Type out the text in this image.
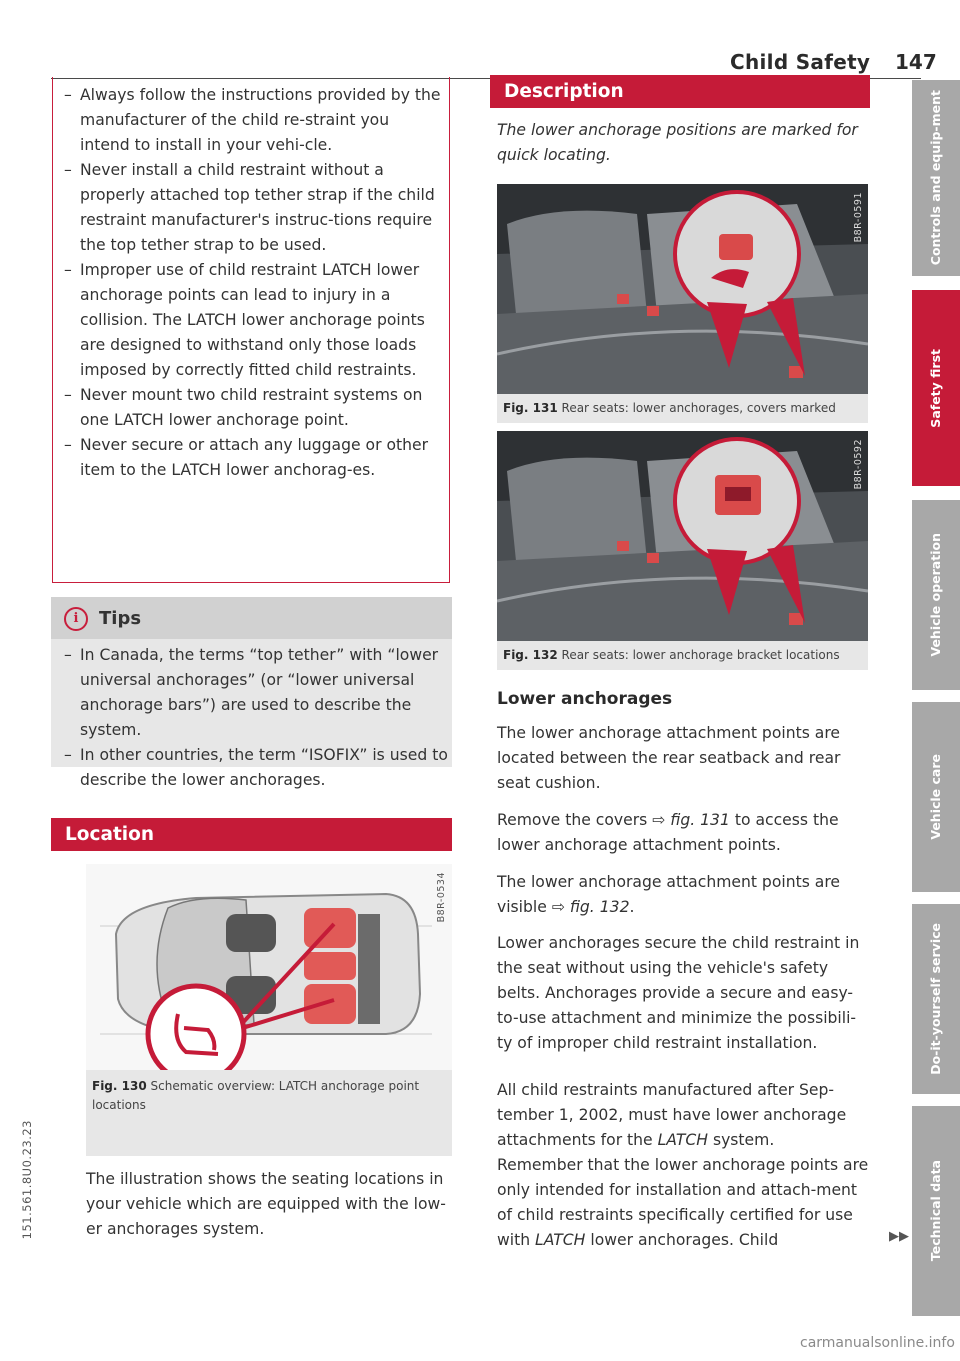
Child Safety 147
– Always follow the instructions provided by the manufacturer of the child re-straint you intend to install in your vehi-cle.
– Never install a child restraint without a properly attached top tether strap if the child restraint manufacturer's instruc-tions require the top tether strap to be used.
– Improper use of child restraint LATCH lower anchorage points can lead to injury in a collision. The LATCH lower anchorage points are designed to withstand only those loads imposed by correctly fitted child restraints.
– Never mount two child restraint systems on one LATCH lower anchorage point.
– Never secure or attach any luggage or other item to the LATCH lower anchorag-es.
i	Tips
– In Canada, the terms “top tether” with “lower universal anchorages” (or “lower universal anchorage bars”) are used to describe the system.
– In other countries, the term “ISOFIX” is used to describe the lower anchorages.
Location
B8R-0534
Fig. 130 Schematic overview: LATCH anchorage point locations
The illustration shows the seating locations in your vehicle which are equipped with the low-er anchorages system.
Description
The lower anchorage positions are marked for quick locating.
B8R-0591
Fig. 131 Rear seats: lower anchorages, covers marked
B8R-0592
Fig. 132 Rear seats: lower anchorage bracket locations
Lower anchorages
The lower anchorage attachment points are located between the rear seatback and rear seat cushion.
Remove the covers ⇨ fig. 131 to access the lower anchorage attachment points.
The lower anchorage attachment points are visible ⇨ fig. 132.
Lower anchorages secure the child restraint in the seat without using the vehicle's safety belts. Anchorages provide a secure and easy-to-use attachment and minimize the possibili-ty of improper child restraint installation.
All child restraints manufactured after Sep-tember 1, 2002, must have lower anchorage attachments for the LATCH system.
Remember that the lower anchorage points are only intended for installation and attach-ment of child restraints specifically certified for use with LATCH lower anchorages. Child	▶▶
Controls and equip-ment
Safety first
Vehicle operation
Vehicle care
Do-it-yourself service
Technical data
151.561.8U0.23.23
carmanualsonline.info
